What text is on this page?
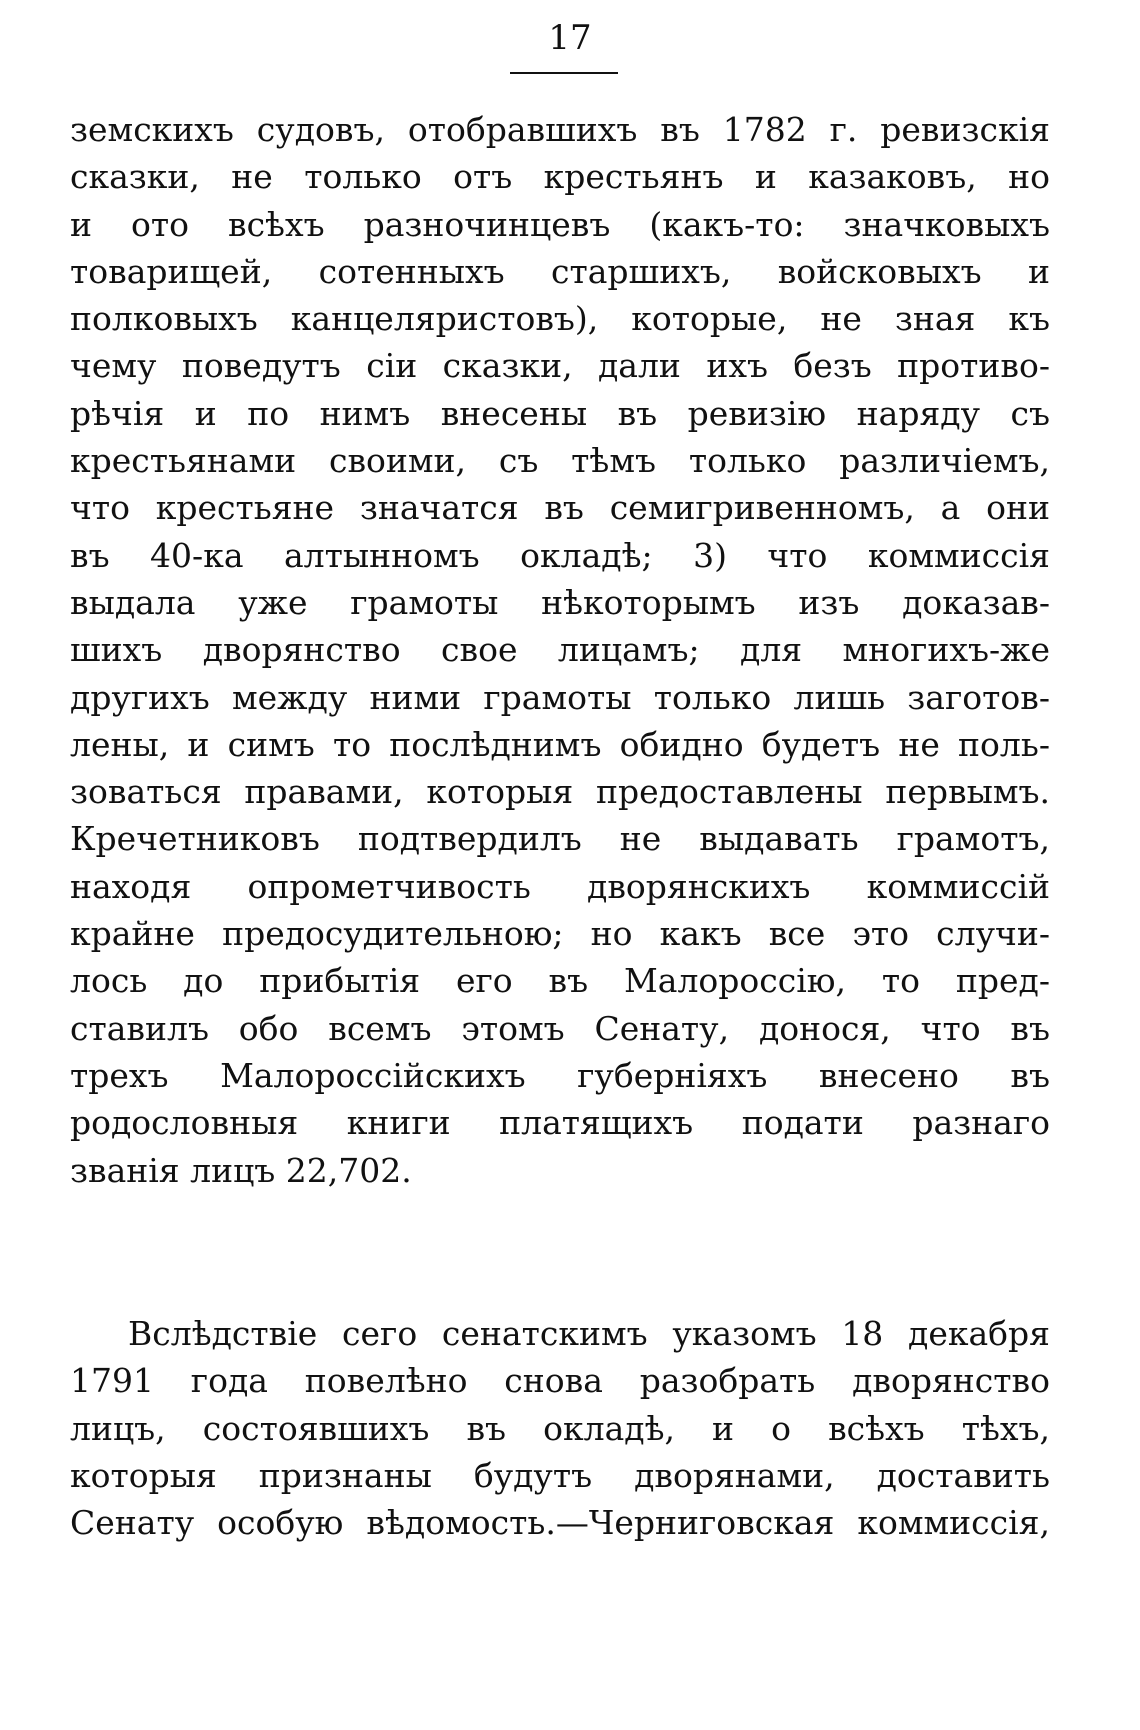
17
земскихъ судовъ, отобравшихъ въ 1782 г. ревизскія
сказки, не только отъ крестьянъ и казаковъ, но
и ото всѣхъ разночинцевъ (какъ-то: значковыхъ
товарищей, сотенныхъ старшихъ, войсковыхъ и
полковыхъ канцеляристовъ), которые, не зная къ
чему поведутъ сіи сказки, дали ихъ безъ противо-
рѣчія и по нимъ внесены въ ревизію наряду съ
крестьянами своими, съ тѣмъ только различіемъ,
что крестьяне значатся въ семигривенномъ, а они
въ 40-ка алтынномъ окладѣ; 3) что коммиссія
выдала уже грамоты нѣкоторымъ изъ доказав-
шихъ дворянство свое лицамъ; для многихъ-же
другихъ между ними грамоты только лишь заготов-
лены, и симъ то послѣднимъ обидно будетъ не поль-
зоваться правами, которыя предоставлены первымъ.
Кречетниковъ подтвердилъ не выдавать грамотъ,
находя опрометчивость дворянскихъ коммиссій
крайне предосудительною; но какъ все это случи-
лось до прибытія его въ Малороссію, то пред-
ставилъ обо всемъ этомъ Сенату, донося, что въ
трехъ Малороссійскихъ губерніяхъ внесено въ
родословныя книги платящихъ подати разнаго
званія лицъ 22,702.
Вслѣдствіе сего сенатскимъ указомъ 18 декабря
1791 года повелѣно снова разобрать дворянство
лицъ, состоявшихъ въ окладѣ, и о всѣхъ тѣхъ,
которыя признаны будутъ дворянами, доставить
Сенату особую вѣдомость.—Черниговская коммиссія,
